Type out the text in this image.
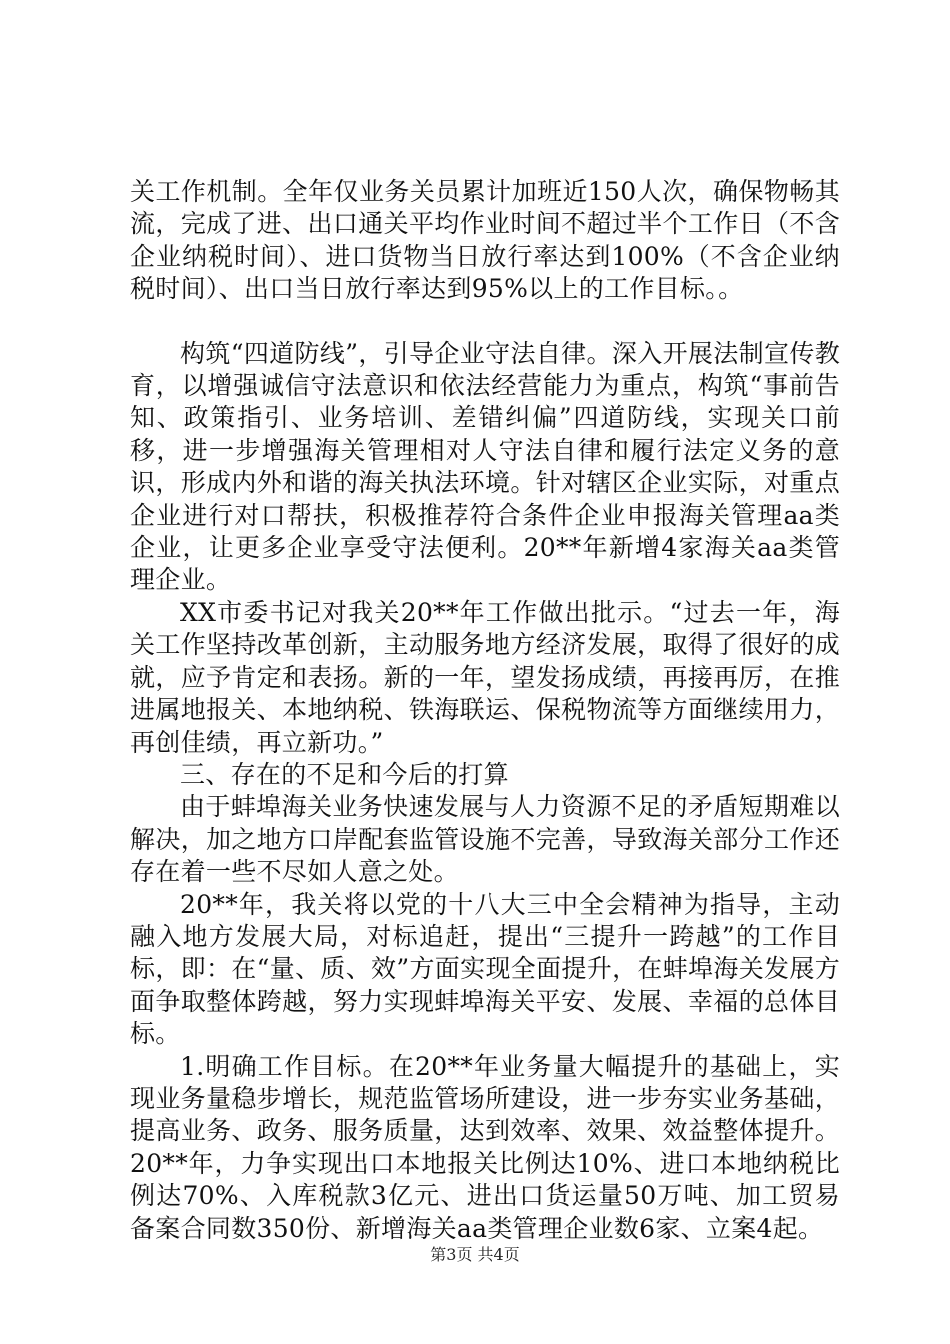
关工作机制。全年仅业务关员累计加班近150人次，确保物畅其流，完成了进、出口通关平均作业时间不超过半个工作日（不含企业纳税时间）、进口货物当日放行率达到100%（不含企业纳税时间）、出口当日放行率达到95%以上的工作目标。。

构筑“四道防线”，引导企业守法自律。深入开展法制宣传教育，以增强诚信守法意识和依法经营能力为重点，构筑“事前告知、政策指引、业务培训、差错纠偏”四道防线，实现关口前移，进一步增强海关管理相对人守法自律和履行法定义务的意识，形成内外和谐的海关执法环境。针对辖区企业实际，对重点企业进行对口帮扶，积极推荐符合条件企业申报海关管理aa类企业，让更多企业享受守法便利。20**年新增4家海关aa类管理企业。

XX市委书记对我关20**年工作做出批示。“过去一年，海关工作坚持改革创新，主动服务地方经济发展，取得了很好的成就，应予肯定和表扬。新的一年，望发扬成绩，再接再厉，在推进属地报关、本地纳税、铁海联运、保税物流等方面继续用力，再创佳绩，再立新功。”

三、存在的不足和今后的打算

由于蚌埠海关业务快速发展与人力资源不足的矛盾短期难以解决，加之地方口岸配套监管设施不完善，导致海关部分工作还存在着一些不尽如人意之处。

20**年，我关将以党的十八大三中全会精神为指导，主动融入地方发展大局，对标追赶，提出“三提升一跨越”的工作目标，即：在“量、质、效”方面实现全面提升，在蚌埠海关发展方面争取整体跨越，努力实现蚌埠海关平安、发展、幸福的总体目标。

1.明确工作目标。在20**年业务量大幅提升的基础上，实现业务量稳步增长，规范监管场所建设，进一步夯实业务基础，提高业务、政务、服务质量，达到效率、效果、效益整体提升。20**年，力争实现出口本地报关比例达10%、进口本地纳税比例达70%、入库税款3亿元、进出口货运量50万吨、加工贸易备案合同数350份、新增海关aa类管理企业数6家、立案4起。

第3页 共4页
